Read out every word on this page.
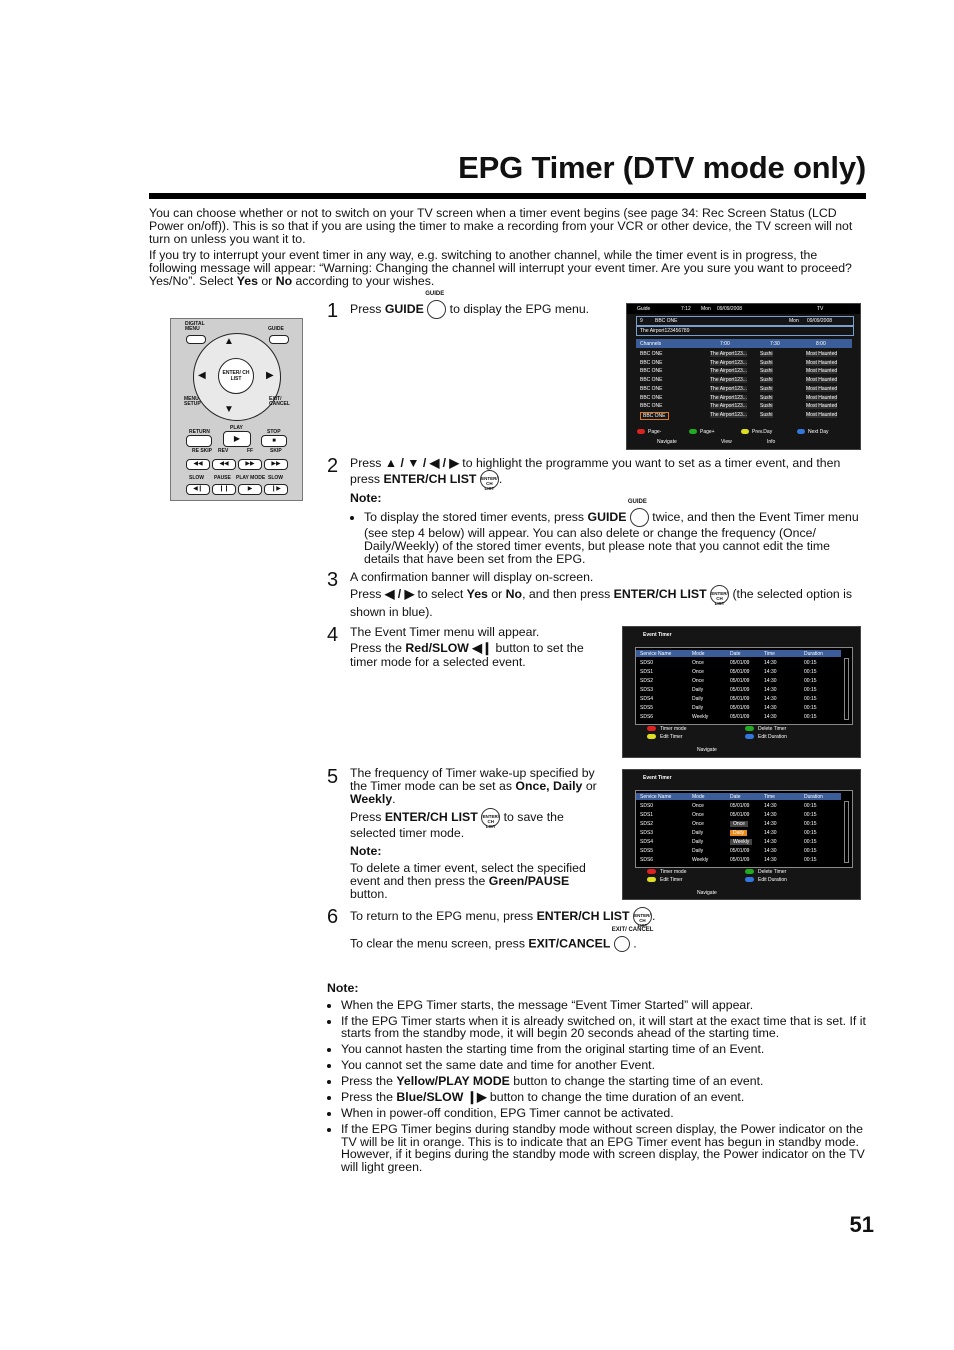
EPG Timer (DTV mode only)
You can choose whether or not to switch on your TV screen when a timer event begins (see page 34: Rec Screen Status (LCD Power on/off)). This is so that if you are using the timer to make a recording from your VCR or other device, the TV screen will not turn on unless you want it to.
If you try to interrupt your event timer in any way, e.g. switching to another channel, while the timer event is in progress, the following message will appear: “Warning: Changing the channel will interrupt your event timer. Are you sure you want to proceed? Yes/No”. Select Yes or No according to your wishes.
DIGITAL MENU	GUIDE
▲
▼
◀	▶
ENTER/ CH LIST
MENU SETUP
EXIT/ CANCEL
PLAY
RETURN	STOP
▶	■
RE SKIP REV	FF	SKIP
◀◀	◀◀	▶▶	▶▶
SLOW PAUSE PLAY MODE SLOW
◀❙	❙❙	▶	❙▶
1 Press GUIDE
GUIDE
to display the EPG menu.	Guide	7:12 Mon 09/09/2008	TV
9 BBC ONE	Mon 09/09/2008
The Airport123456789
Channels	7:00	7:30	8:00
BBC ONE	The Airport123...	Sushi	Most Haunted
BBC ONE	The Airport123...	Sushi	Most Haunted
BBC ONE	The Airport123...	Sushi	Most Haunted
BBC ONE	The Airport123...	Sushi	Most Haunted
BBC ONE	The Airport123...	Sushi	Most Haunted
BBC ONE	The Airport123...	Sushi	Most Haunted
BBC ONE	The Airport123...	Sushi	Most Haunted
BBC ONE	The Airport123...	Sushi	Most Haunted
Page-	Page+	Prev.Day	Next Day
Navigate	View	Info
2 Press ▲ / ▼ / ◀ / ▶ to highlight the programme you want to set as a timer event, and then press ENTER/CH LIST ENTER/ CH LIST
.
Note:
• To display the stored timer events, press GUIDE
GUIDE
twice, and then the Event Timer menu (see step 4 below) will appear. You can also delete or change the frequency (Once/ Daily/Weekly) of the stored timer events, but please note that you cannot edit the time details that have been set from the EPG.
3 A confirmation banner will display on-screen.
Press ◀ / ▶ to select Yes or No, and then press ENTER/CH LIST ENTER/ CH LIST
(the selected option is shown in blue).
4 The Event Timer menu will appear.
Press the Red/SLOW ◀❙ button to set the timer mode for a selected event.
Event Timer
Service Name	Mode	Date	Time	Duration
SDS0	Once	05/01/09	14:30	00:15
SDS1	Once	05/01/09	14:30	00:15
SDS2	Once	05/01/09	14:30	00:15
SDS3	Daily	05/01/09	14:30	00:15
SDS4	Daily	05/01/09	14:30	00:15
SDS5	Daily	05/01/09	14:30	00:15
SDS6	Weekly	05/01/09	14:30	00:15
Timer mode
Edit Timer
Delete Timer
Edit Duration
Navigate
5 The frequency of Timer wake-up specified by the Timer mode can be set as Once, Daily or Weekly.
Press ENTER/CH LIST ENTER/ CH LIST
to save the selected timer mode.
Note:
To delete a timer event, select the specified event and then press the Green/PAUSE button.
Event Timer
Service Name	Mode	Date	Time	Duration
SDS0	Once	05/01/09	14:30	00:15
SDS1	Once	05/01/09	14:30	00:15
SDS2	Once	Once	14:30	00:15
SDS3	Daily	Daily	14:30	00:15
SDS4	Daily	Weekly	14:30	00:15
SDS5	Daily	05/01/09	14:30	00:15
SDS6	Weekly	05/01/09	14:30	00:15
Timer mode
Edit Timer
Delete Timer
Edit Duration
Navigate
6 To return to the EPG menu, press ENTER/CH LIST ENTER/ CH LIST
.
To clear the menu screen, press EXIT/CANCEL
EXIT/ CANCEL
.
Note:
• When the EPG Timer starts, the message “Event Timer Started” will appear.
• If the EPG Timer starts when it is already switched on, it will start at the exact time that is set. If it starts from the standby mode, it will begin 20 seconds ahead of the starting time.
• You cannot hasten the starting time from the original starting time of an Event.
• You cannot set the same date and time for another Event.
• Press the Yellow/PLAY MODE button to change the starting time of an event.
• Press the Blue/SLOW ❙▶ button to change the time duration of an event.
• When in power-off condition, EPG Timer cannot be activated.
• If the EPG Timer begins during standby mode without screen display, the Power indicator on the TV will be lit in orange. This is to indicate that an EPG Timer event has begun in standby mode. However, if it begins during the standby mode with screen display, the Power indicator on the TV will light green.
51
